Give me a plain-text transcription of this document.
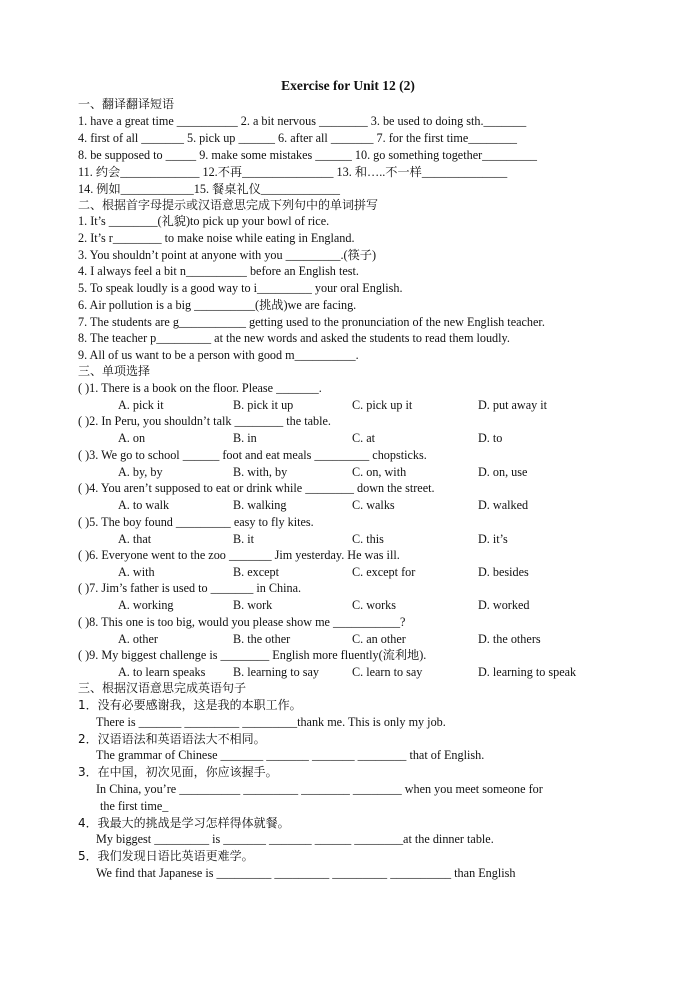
Exercise for Unit 12 (2)
一、翻译翻译短语
1. have a great time __________ 2. a bit nervous ________ 3. be used to doing sth._______
4. first of all _______ 5. pick up ______ 6. after all _______ 7. for the first time________
8. be supposed to _____ 9. make some mistakes ______ 10. go something together_________
11. 约会_____________ 12.不再_______________ 13. 和…..不一样______________
14. 例如____________15. 餐桌礼仪_____________
二、根据首字母提示或汉语意思完成下列句中的单词拼写
1. It’s ________(礼貌)to pick up your bowl of rice.
2. It’s r________ to make noise while eating in England.
3. You shouldn’t point at anyone with you _________.(筷子)
4. I always feel a bit n__________ before an English test.
5. To speak loudly is a good way to i_________ your oral English.
6. Air pollution is a big __________(挑战)we are facing.
7. The students are g___________ getting used to the pronunciation of the new English teacher.
8. The teacher p_________ at the new words and asked the students to read them loudly.
9. All of us want to be a person with good m__________.
三、单项选择
( )1. There is a book on the floor. Please _______.
A. pick it	B. pick it up	C. pick up it	D. put away it
( )2. In Peru, you shouldn’t talk ________ the table.
A. on	B. in	C. at	D. to
( )3. We go to school ______ foot and eat meals _________ chopsticks.
A. by, by	B. with, by	C. on, with	D. on, use
( )4. You aren’t supposed to eat or drink while ________ down the street.
A. to walk	B. walking	C. walks	D. walked
( )5. The boy found _________ easy to fly kites.
A. that	B. it	C. this	D. it’s
( )6. Everyone went to the zoo _______ Jim yesterday. He was ill.
A. with	B. except	C. except for	D. besides
( )7. Jim’s father is used to _______ in China.
A. working	B. work	C. works	D. worked
( )8. This one is too big, would you please show me ___________?
A. other	B. the other	C. an other	D. the others
( )9. My biggest challenge is ________ English more fluently(流利地).
A. to learn speaks B. learning to say	C. learn to say	D. learning to speak
三、根据汉语意思完成英语句子
1．没有必要感谢我，这是我的本职工作。
There is _______ _________ _________thank me. This is only my job.
2．汉语语法和英语语法大不相同。
The grammar of Chinese _______ _______ _______ ________ that of English.
3．在中国，初次见面，你应该握手。
In China, you’re __________ _________ ________ ________ when you meet someone for
the first time_
4．我最大的挑战是学习怎样得体就餐。
My biggest _________ is _______ _______ ______ ________at the dinner table.
5．我们发现日语比英语更难学。
We find that Japanese is _________ _________ _________ __________ than English
